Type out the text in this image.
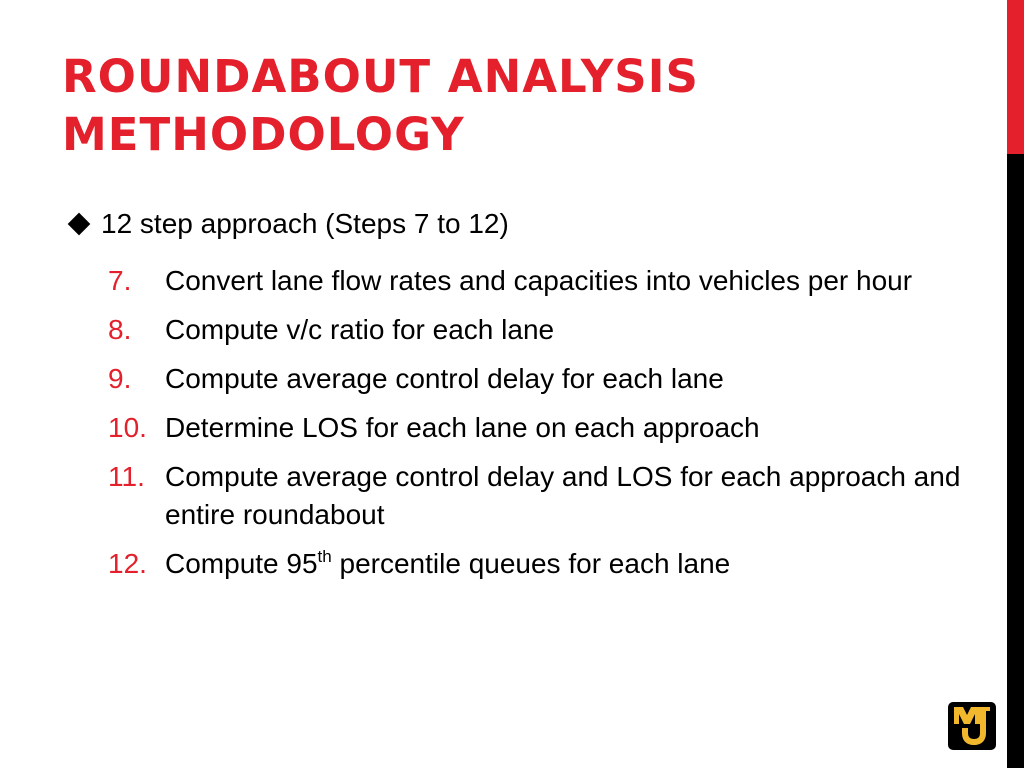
ROUNDABOUT ANALYSIS
METHODOLOGY
12 step approach (Steps 7 to 12)
7.	Convert lane flow rates and capacities into vehicles per hour
8.	Compute v/c ratio for each lane
9.	Compute average control delay for each lane
10. Determine LOS for each lane on each approach
11. Compute average control delay and LOS for each approach and entire roundabout
12. Compute 95th percentile queues for each lane
